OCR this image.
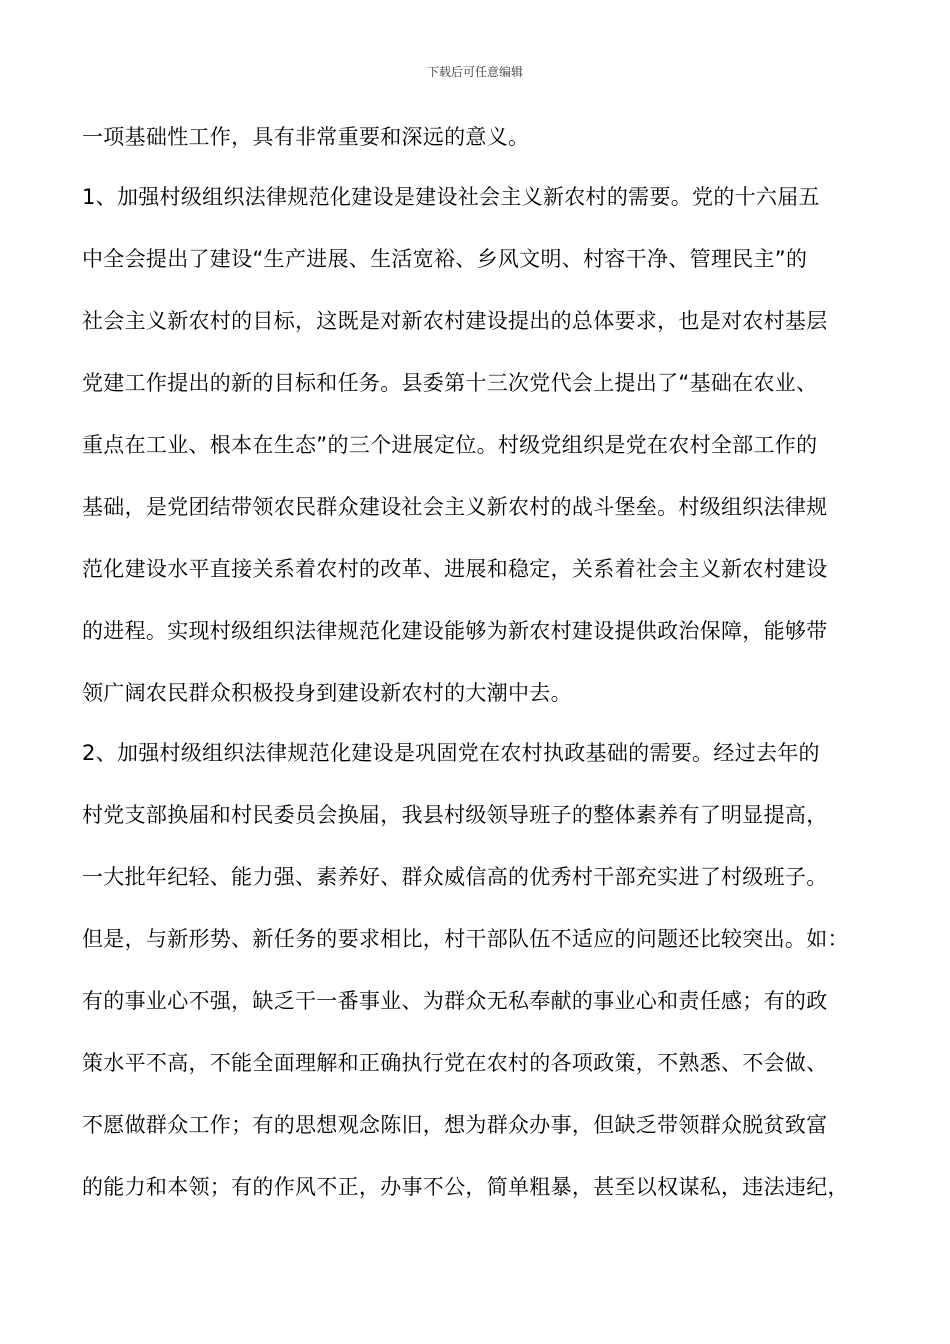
下载后可任意编辑
一项基础性工作，具有非常重要和深远的意义。
1、加强村级组织法律规范化建设是建设社会主义新农村的需要。党的十六届五
中全会提出了建设“生产进展、生活宽裕、乡风文明、村容干净、管理民主”的
社会主义新农村的目标，这既是对新农村建设提出的总体要求，也是对农村基层
党建工作提出的新的目标和任务。县委第十三次党代会上提出了“基础在农业、
重点在工业、根本在生态”的三个进展定位。村级党组织是党在农村全部工作的
基础，是党团结带领农民群众建设社会主义新农村的战斗堡垒。村级组织法律规
范化建设水平直接关系着农村的改革、进展和稳定，关系着社会主义新农村建设
的进程。实现村级组织法律规范化建设能够为新农村建设提供政治保障，能够带
领广阔农民群众积极投身到建设新农村的大潮中去。
2、加强村级组织法律规范化建设是巩固党在农村执政基础的需要。经过去年的
村党支部换届和村民委员会换届，我县村级领导班子的整体素养有了明显提高，
一大批年纪轻、能力强、素养好、群众威信高的优秀村干部充实进了村级班子。
但是，与新形势、新任务的要求相比，村干部队伍不适应的问题还比较突出。如：
有的事业心不强，缺乏干一番事业、为群众无私奉献的事业心和责任感；有的政
策水平不高，不能全面理解和正确执行党在农村的各项政策，不熟悉、不会做、
不愿做群众工作；有的思想观念陈旧，想为群众办事，但缺乏带领群众脱贫致富
的能力和本领；有的作风不正，办事不公，简单粗暴，甚至以权谋私，违法违纪，
